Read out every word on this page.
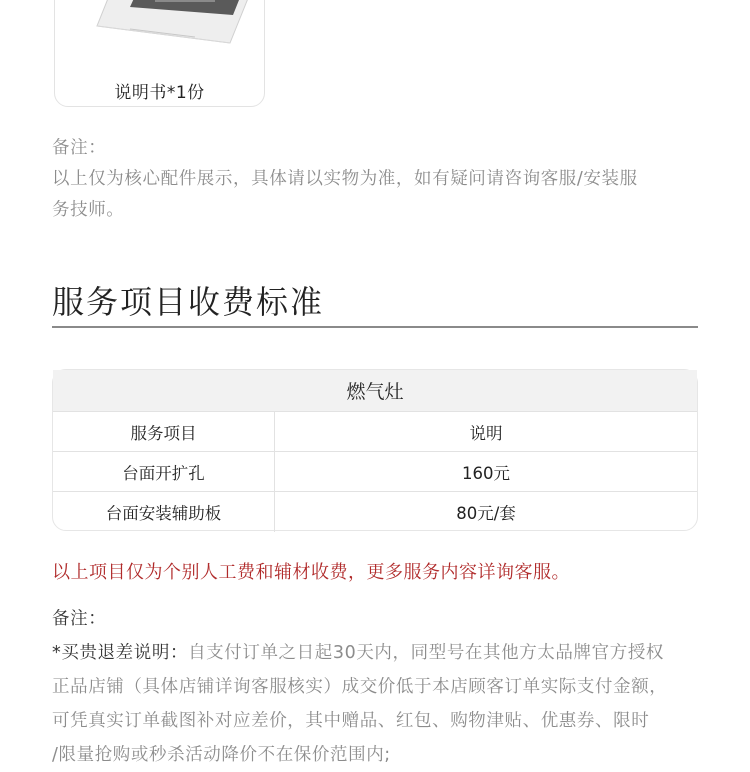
说明书*1份
备注：
以上仅为核心配件展示，具体请以实物为准，如有疑问请咨询客服/安装服
务技师。
服务项目收费标准
燃气灶
服务项目	说明
台面开扩孔	160元
台面安装辅助板	80元/套
以上项目仅为个别人工费和辅材收费，更多服务内容详询客服。
备注：
*买贵退差说明：自支付订单之日起30天内，同型号在其他方太品牌官方授权
正品店铺（具体店铺详询客服核实）成交价低于本店顾客订单实际支付金额，
可凭真实订单截图补对应差价，其中赠品、红包、购物津贴、优惠券、限时
/限量抢购或秒杀活动降价不在保价范围内;
